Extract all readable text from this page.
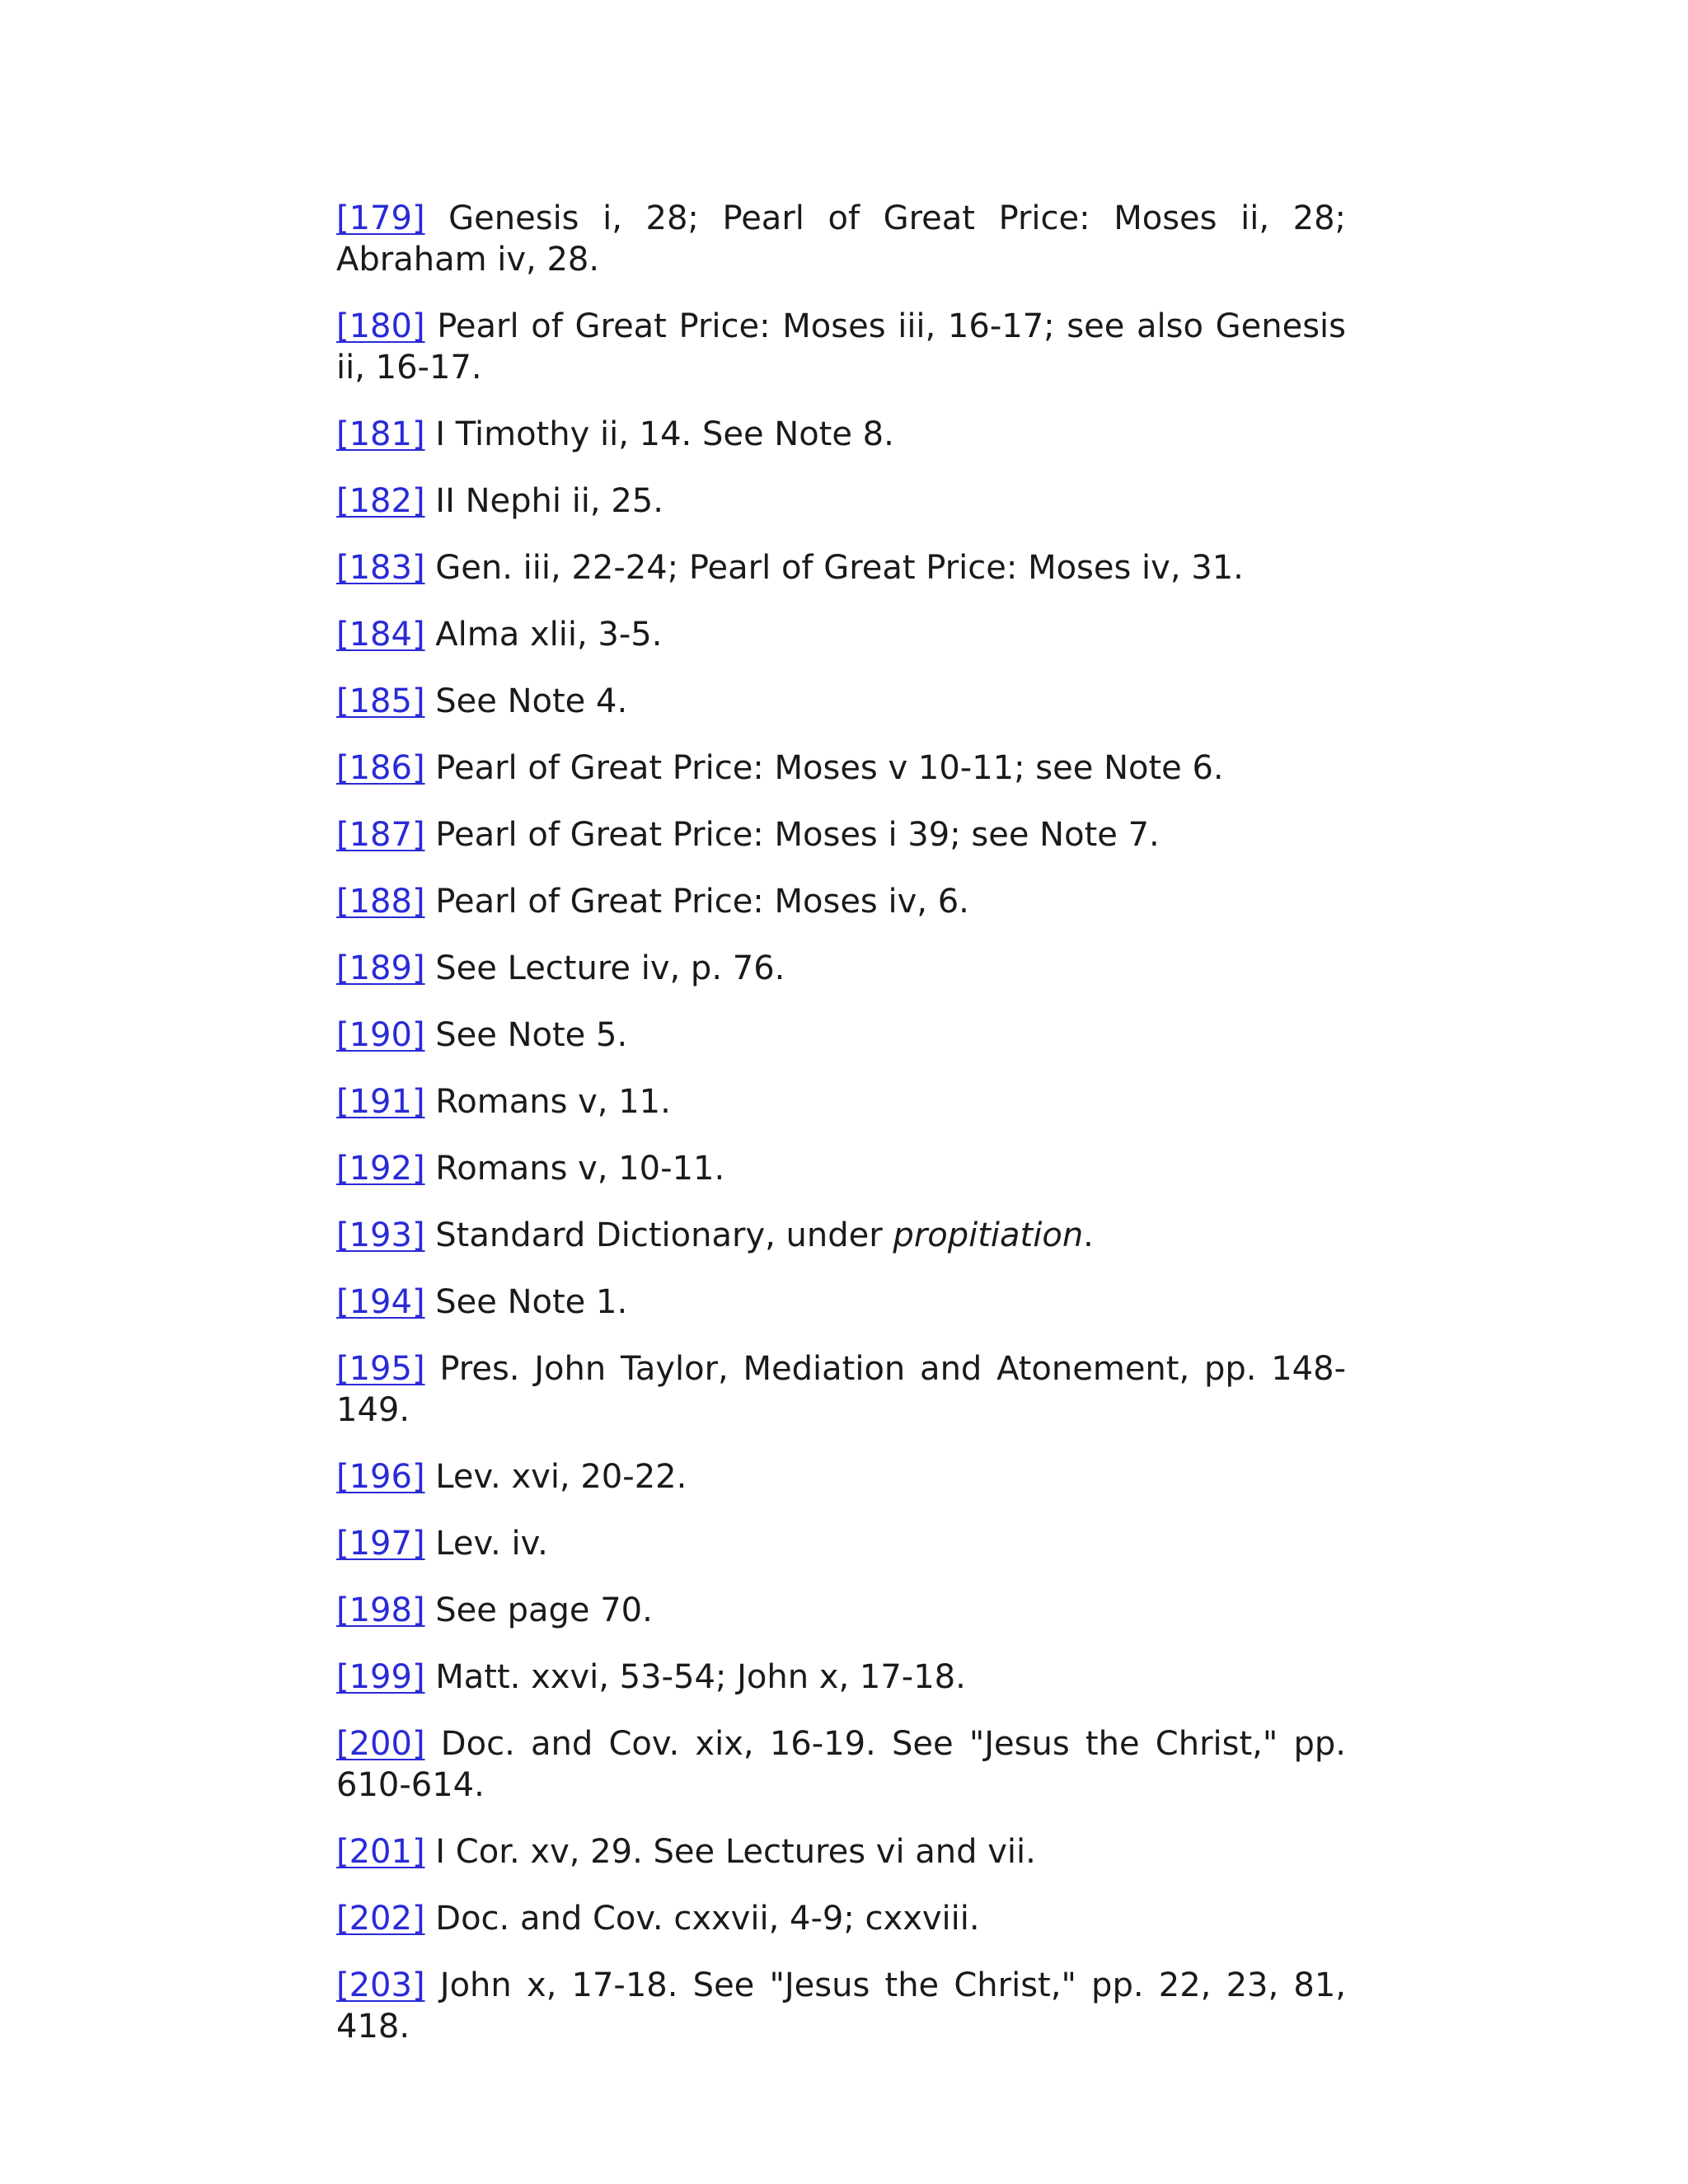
[179] Genesis i, 28; Pearl of Great Price: Moses ii, 28; Abraham iv, 28.

[180] Pearl of Great Price: Moses iii, 16-17; see also Genesis ii, 16-17.

[181] I Timothy ii, 14. See Note 8.

[182] II Nephi ii, 25.

[183] Gen. iii, 22-24; Pearl of Great Price: Moses iv, 31.

[184] Alma xlii, 3-5.

[185] See Note 4.

[186] Pearl of Great Price: Moses v 10-11; see Note 6.

[187] Pearl of Great Price: Moses i 39; see Note 7.

[188] Pearl of Great Price: Moses iv, 6.

[189] See Lecture iv, p. 76.

[190] See Note 5.

[191] Romans v, 11.

[192] Romans v, 10-11.

[193] Standard Dictionary, under propitiation.

[194] See Note 1.

[195] Pres. John Taylor, Mediation and Atonement, pp. 148-149.

[196] Lev. xvi, 20-22.

[197] Lev. iv.

[198] See page 70.

[199] Matt. xxvi, 53-54; John x, 17-18.

[200] Doc. and Cov. xix, 16-19. See "Jesus the Christ," pp. 610-614.

[201] I Cor. xv, 29. See Lectures vi and vii.

[202] Doc. and Cov. cxxvii, 4-9; cxxviii.

[203] John x, 17-18. See "Jesus the Christ," pp. 22, 23, 81, 418.
